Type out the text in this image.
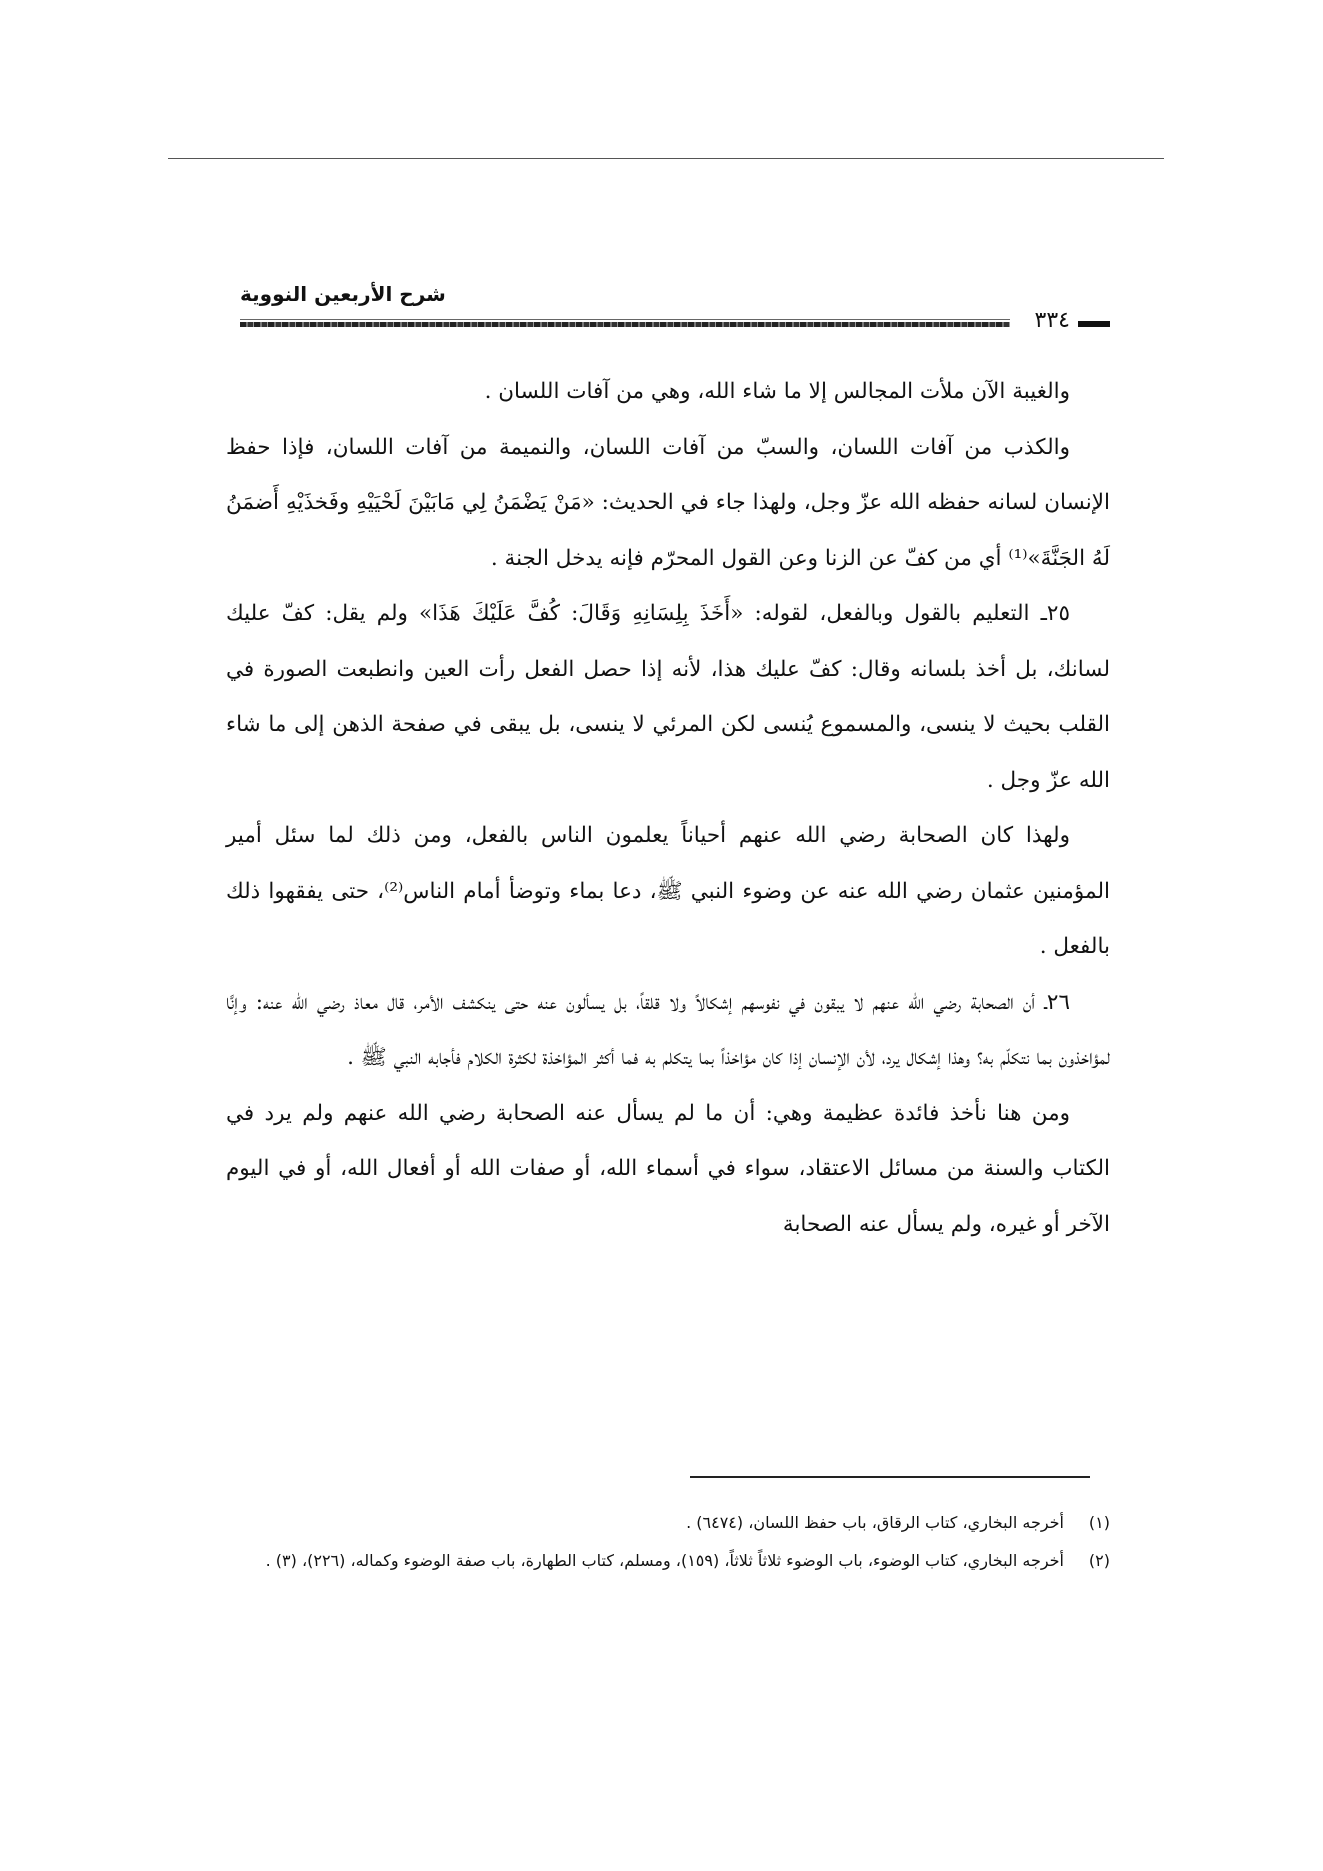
شرح الأربعين النووية
٣٣٤

والغيبة الآن ملأت المجالس إلا ما شاء الله، وهي من آفات اللسان .

والكذب من آفات اللسان، والسبّ من آفات اللسان، والنميمة من آفات اللسان، فإذا حفظ الإنسان لسانه حفظه الله عزّ وجل، ولهذا جاء في الحديث: «مَنْ يَضْمَنُ لِي مَابَيْنَ لَحْيَيْهِ وفَخذَيْهِ أَضمَنُ لَهُ الجَنَّةَ»⁽¹⁾ أي من كفّ عن الزنا وعن القول المحرّم فإنه يدخل الجنة .

٢٥ـ التعليم بالقول وبالفعل، لقوله: «أَخَذَ بِلِسَانِهِ وَقَالَ: كُفَّ عَلَيْكَ هَذَا» ولم يقل: كفّ عليك لسانك، بل أخذ بلسانه وقال: كفّ عليك هذا، لأنه إذا حصل الفعل رأت العين وانطبعت الصورة في القلب بحيث لا ينسى، والمسموع يُنسى لكن المرئي لا ينسى، بل يبقى في صفحة الذهن إلى ما شاء الله عزّ وجل .

ولهذا كان الصحابة رضي الله عنهم أحياناً يعلمون الناس بالفعل، ومن ذلك لما سئل أمير المؤمنين عثمان رضي الله عنه عن وضوء النبي ﷺ، دعا بماء وتوضأ أمام الناس⁽²⁾، حتى يفقهوا ذلك بالفعل .

٢٦ـ أن الصحابة رضي الله عنهم لا يبقون في نفوسهم إشكالاً ولا قلقاً، بل يسألون عنه حتى ينكشف الأمر، قال معاذ رضي الله عنه: وإنَّا لمؤاخذون بما نتكلّم به؟ وهذا إشكال يرد، لأن الإنسان إذا كان مؤاخذاً بما يتكلم به فما أكثر المؤاخذة لكثرة الكلام فأجابه النبي ﷺ .

ومن هنا نأخذ فائدة عظيمة وهي: أن ما لم يسأل عنه الصحابة رضي الله عنهم ولم يرد في الكتاب والسنة من مسائل الاعتقاد، سواء في أسماء الله، أو صفات الله أو أفعال الله، أو في اليوم الآخر أو غيره، ولم يسأل عنه الصحابة

(١)
أخرجه البخاري، كتاب الرقاق، باب حفظ اللسان، (٦٤٧٤) .
(٢)
أخرجه البخاري، كتاب الوضوء، باب الوضوء ثلاثاً ثلاثاً، (١٥٩)، ومسلم، كتاب الطهارة، باب صفة الوضوء وكماله، (٢٢٦)، (٣) .
